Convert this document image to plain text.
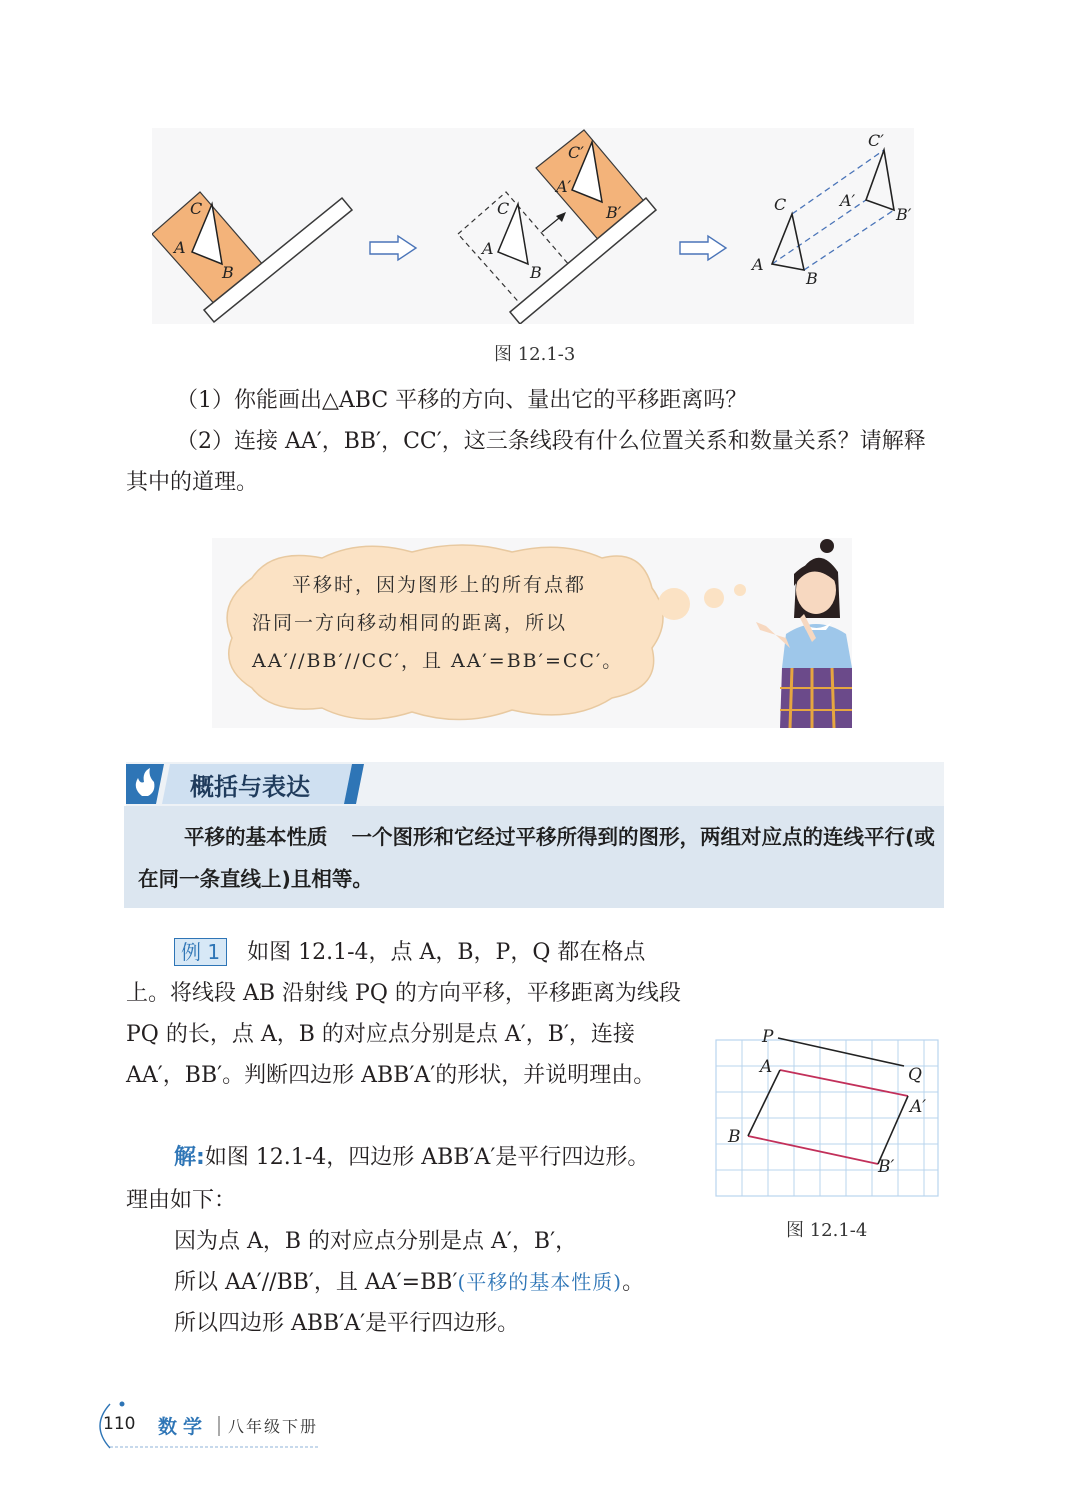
C
A
B
C
A
B
C′
A′
B′	C
A
B
C′
A′
B′
图 12.1-3
（1）你能画出△ABC 平移的方向、量出它的平移距离吗？
（2）连接 AA′，BB′，CC′，这三条线段有什么位置关系和数量关系？请解释其中的道理。
平移时，因为图形上的所有点都
沿同一方向移动相同的距离，所以
AA′//BB′//CC′，且 AA′=BB′=CC′。
概括与表达
平移的基本性质 一个图形和它经过平移所得到的图形，两组对应点的连线平行(或在同一条直线上)且相等。
例 1 如图 12.1-4，点 A，B，P，Q 都在格点上。将线段 AB 沿射线 PQ 的方向平移，平移距离为线段 PQ 的长，点 A，B 的对应点分别是点 A′，B′，连接 AA′，BB′。判断四边形 ABB′A′的形状，并说明理由。
解:如图 12.1-4，四边形 ABB′A′是平行四边形。
理由如下：
因为点 A，B 的对应点分别是点 A′，B′，
所以 AA′//BB′，且 AA′=BB′(平移的基本性质)。
所以四边形 ABB′A′是平行四边形。
P
Q
A
B
A′
B′
图 12.1-4
110 数学 八年级下册
